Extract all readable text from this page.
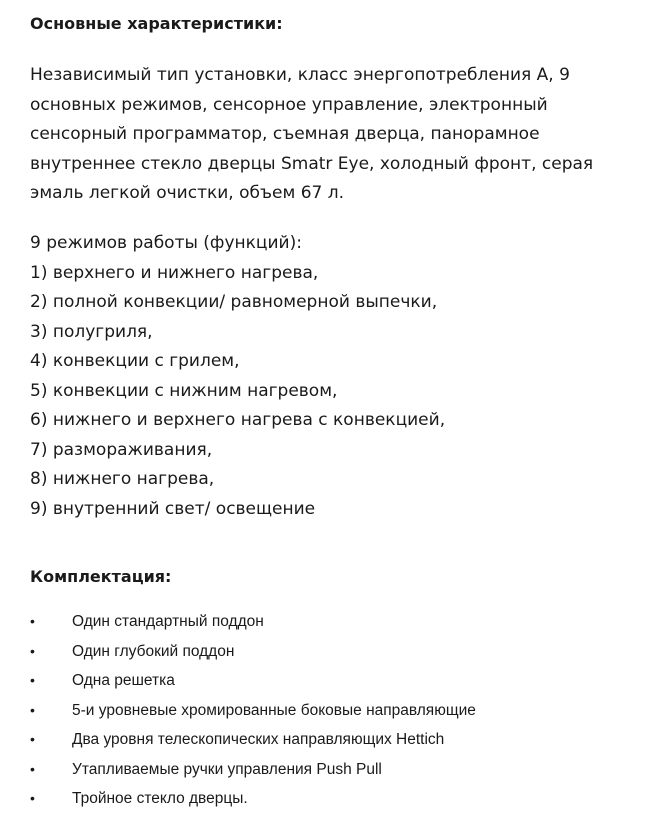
Основные характеристики:
Независимый тип установки, класс энергопотребления А, 9
основных режимов, сенсорное управление, электронный
сенсорный программатор, съемная дверца, панорамное
внутреннее стекло дверцы Smatr Eye, холодный фронт, серая
эмаль легкой очистки, объем 67 л.
9 режимов работы (функций):
1) верхнего и нижнего нагрева,
2) полной конвекции/ равномерной выпечки,
3) полугриля,
4) конвекции с грилем,
5) конвекции с нижним нагревом,
6) нижнего и верхнего нагрева с конвекцией,
7) размораживания,
8) нижнего нагрева,
9) внутренний свет/ освещение
Комплектация:
• Один стандартный поддон
• Один глубокий поддон
• Одна решетка
• 5-и уровневые хромированные боковые направляющие
• Два уровня телескопических направляющих Hettich
• Утапливаемые ручки управления Push Pull
• Тройное стекло дверцы.
